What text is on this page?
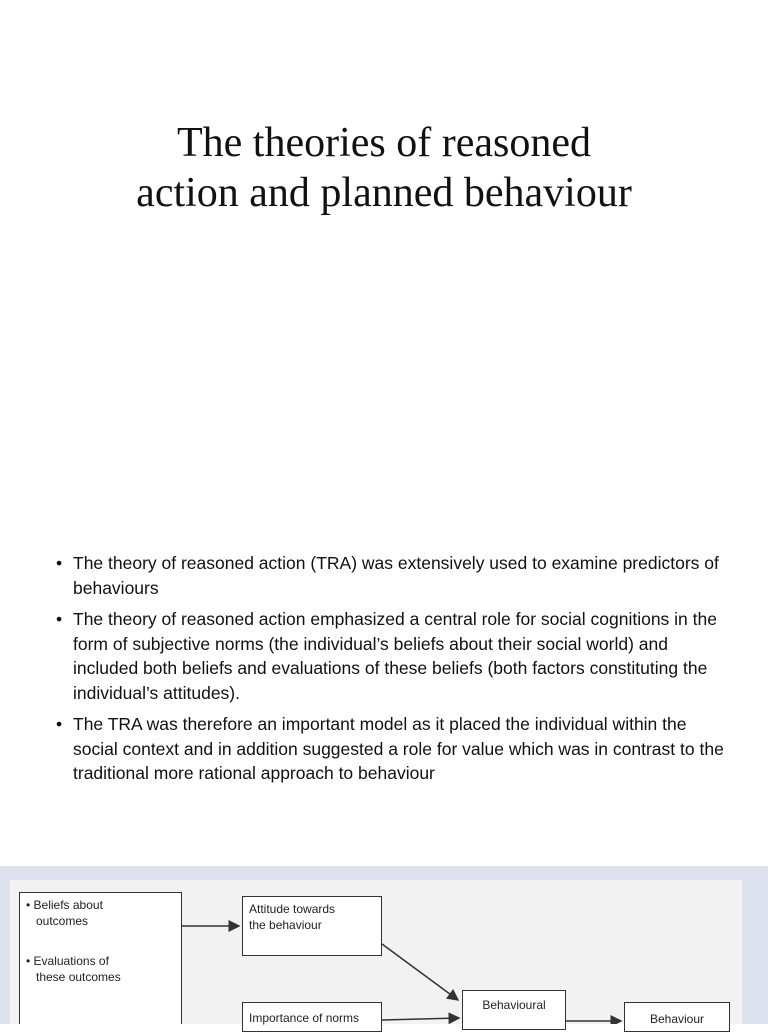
The theories of reasoned
action and planned behaviour
• The theory of reasoned action (TRA) was extensively used to examine predictors of behaviours
• The theory of reasoned action emphasized a central role for social cognitions in the form of subjective norms (the individual’s beliefs about their social world) and included both beliefs and evaluations of these beliefs (both factors constituting the individual’s attitudes).
• The TRA was therefore an important model as it placed the individual within the social context and in addition suggested a role for value which was in contrast to the traditional more rational approach to behaviour
• Beliefs about
outcomes
• Evaluations of
these outcomes
Attitude towards
the behaviour
Importance of norms
Behavioural
Behaviour
